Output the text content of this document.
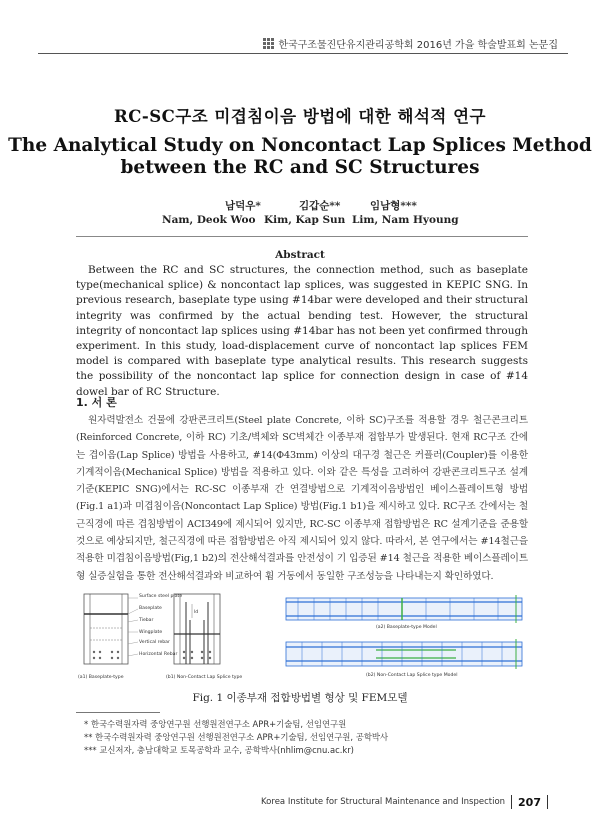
한국구조물진단유지관리공학회 2016년 가을 학술발표회 논문집
RC-SC구조 미겹침이음 방법에 대한 해석적 연구
The Analytical Study on Noncontact Lap Splices Method
between the RC and SC Structures
남덕우*	김갑순**	임남형***
Nam, Deok Woo Kim, Kap Sun Lim, Nam Hyoung
Abstract
Between the RC and SC structures, the connection method, such as baseplate type(mechanical splice) & noncontact lap splices, was suggested in KEPIC SNG. In previous research, baseplate type using #14bar were developed and their structural integrity was confirmed by the actual bending test. However, the structural integrity of noncontact lap splices using #14bar has not been yet confirmed through experiment. In this study, load-displacement curve of noncontact lap splices FEM model is compared with baseplate type analytical results. This research suggests the possibility of the noncontact lap splice for connection design in case of #14 dowel bar of RC Structure.
1. 서 론
원자력발전소 건물에 강판콘크리트(Steel plate Concrete, 이하 SC)구조를 적용할 경우 철근콘크리트(Reinforced Concrete, 이하 RC) 기초/벽체와 SC벽체간 이종부재 접합부가 발생된다. 현재 RC구조 간에는 겹이음(Lap Splice) 방법을 사용하고, #14(Φ43mm) 이상의 대구경 철근은 커플러(Coupler)를 이용한 기계적이음(Mechanical Splice) 방법을 적용하고 있다. 이와 같은 특성을 고려하여 강판콘크리트구조 설계기준(KEPIC SNG)에서는 RC-SC 이종부재 간 연결방법으로 기계적이음방법인 베이스플레이트형 방법(Fig.1 a1)과 미겹침이음(Noncontact Lap Splice) 방법(Fig.1 b1)을 제시하고 있다. RC구조 간에서는 철근직경에 따른 겹침방법이 ACI349에 제시되어 있지만, RC-SC 이종부재 접합방법은 RC 설계기준을 준용할 것으로 예상되지만, 철근직경에 따른 접합방법은 아직 제시되어 있지 않다. 따라서, 본 연구에서는 #14철근을 적용한 미겹침이음방법(Fig,1 b2)의 전산해석결과를 안전성이 기 입증된 #14 철근을 적용한 베이스플레이트형 실증실험을 통한 전산해석결과와 비교하여 휨 거동에서 동일한 구조성능을 나타내는지 확인하였다.
Surface steel plate
Baseplate
Tiebar
Wingplate
Vertical rebar
Horizontal Rebar
(a1) Baseplate-type
ld
(b1) Non-Contact Lap Splice type
(a2) Baseplate-type Model
(b2) Non-Contact Lap Splice type Model
Fig. 1 이종부재 접합방법별 형상 및 FEM모델
* 한국수력원자력 중앙연구원 선행원전연구소 APR+기술팀, 선임연구원
** 한국수력원자력 중앙연구원 선행원전연구소 APR+기술팀, 선임연구원, 공학박사
*** 교신저자, 충남대학교 토목공학과 교수, 공학박사(nhlim@cnu.ac.kr)
Korea Institute for Structural Maintenance and Inspection 207
